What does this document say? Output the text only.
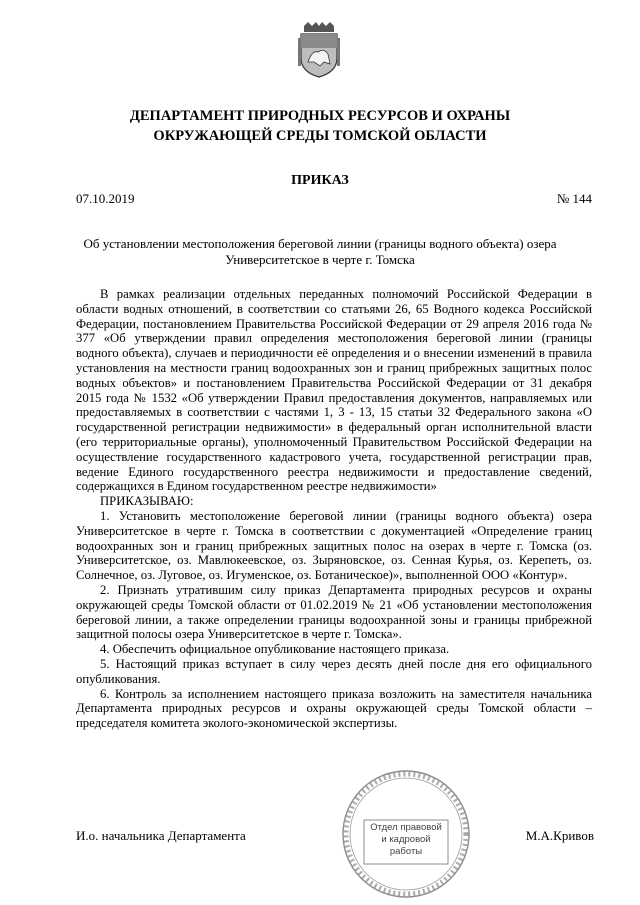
ДЕПАРТАМЕНТ ПРИРОДНЫХ РЕСУРСОВ И ОХРАНЫ
ОКРУЖАЮЩЕЙ СРЕДЫ ТОМСКОЙ ОБЛАСТИ
ПРИКАЗ
07.10.2019	№ 144
Об установлении местоположения береговой линии (границы водного объекта) озера
Университетское в черте г. Томска

В рамках реализации отдельных переданных полномочий Российской Федерации в области водных отношений, в соответствии со статьями 26, 65 Водного кодекса Российской Федерации, постановлением Правительства Российской Федерации от 29 апреля 2016 года № 377 «Об утверждении правил определения местоположения береговой линии (границы водного объекта), случаев и периодичности её определения и о внесении изменений в правила установления на местности границ водоохранных зон и границ прибрежных защитных полос водных объектов» и постановлением Правительства Российской Федерации от 31 декабря 2015 года № 1532 «Об утверждении Правил предоставления документов, направляемых или предоставляемых в соответствии с частями 1, 3 - 13, 15 статьи 32 Федерального закона «О государственной регистрации недвижимости» в федеральный орган исполнительной власти (его территориальные органы), уполномоченный Правительством Российской Федерации на осуществление государственного кадастрового учета, государственной регистрации прав, ведение Единого государственного реестра недвижимости и предоставление сведений, содержащихся в Едином государственном реестре недвижимости»

ПРИКАЗЫВАЮ:

1. Установить местоположение береговой линии (границы водного объекта) озера Университетское в черте г. Томска в соответствии с документацией «Определение границ водоохранных зон и границ прибрежных защитных полос на озерах в черте г. Томска (оз. Университетское, оз. Мавлюкеевское, оз. Зыряновское, оз. Сенная Курья, оз. Керепеть, оз. Солнечное, оз. Луговое, оз. Игуменское, оз. Ботаническое)», выполненной ООО «Контур».

2. Признать утратившим силу приказ Департамента природных ресурсов и охраны окружающей среды Томской области от 01.02.2019 № 21 «Об установлении местоположения береговой линии, а также определении границы водоохранной зоны и границы прибрежной защитной полосы озера Университетское в черте г. Томска».

4. Обеспечить официальное опубликование настоящего приказа.

5. Настоящий приказ вступает в силу через десять дней после дня его официального опубликования.

6. Контроль за исполнением настоящего приказа возложить на заместителя начальника Департамента природных ресурсов и охраны окружающей среды Томской области – председателя комитета эколого-экономической экспертизы.

И.о. начальника Департамента	М.А.Кривов
Отдел правовой
и кадровой
работы
